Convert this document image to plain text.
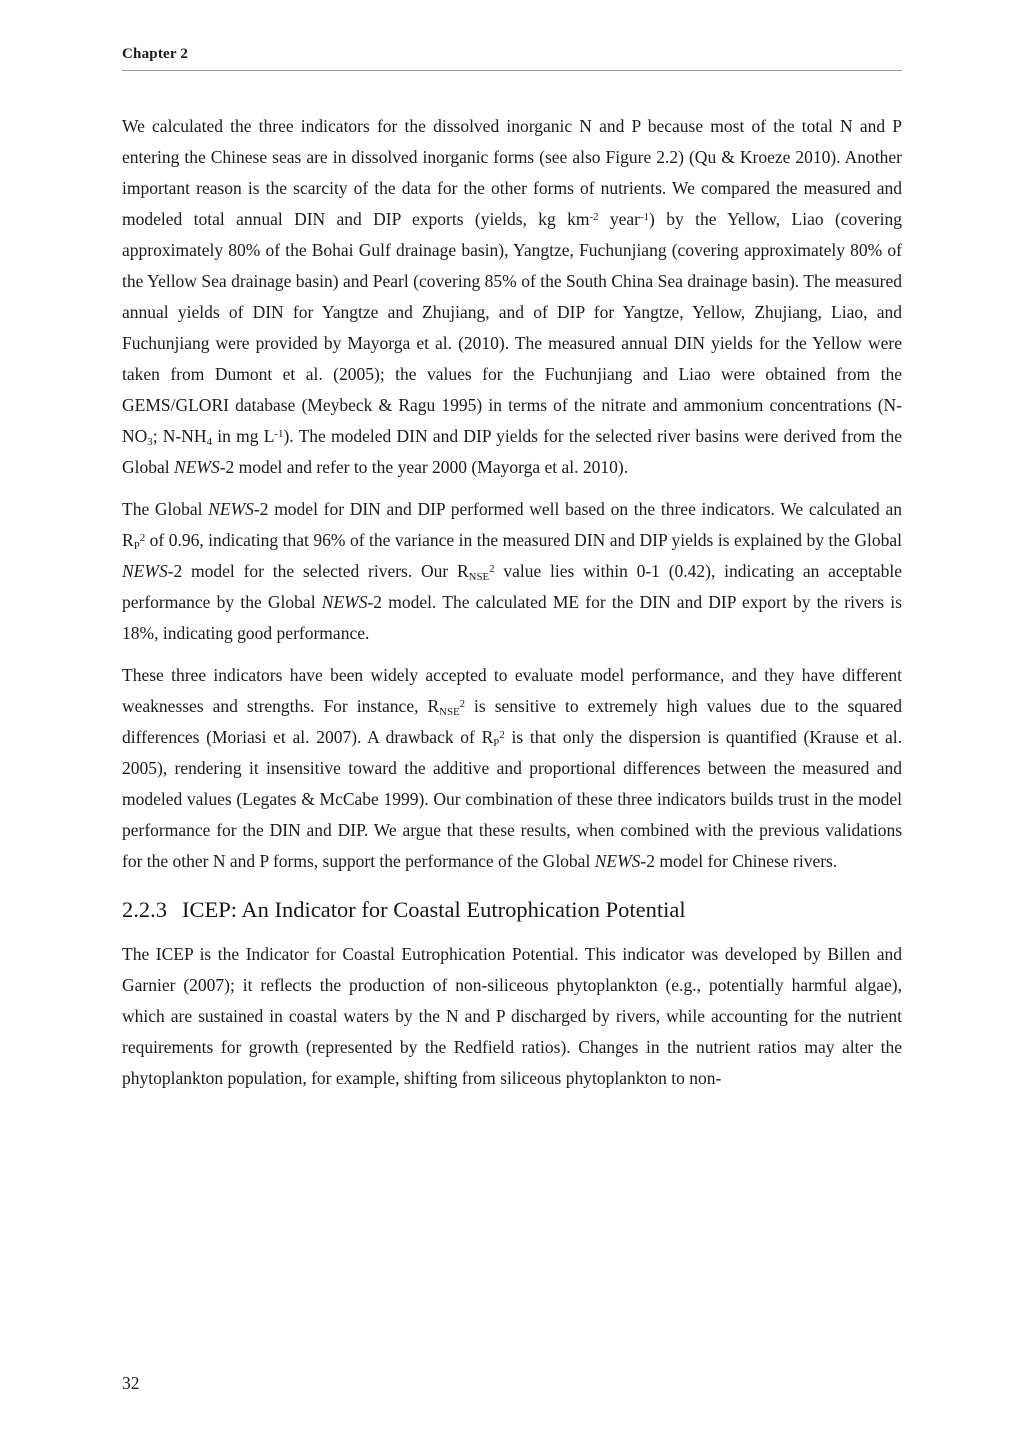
Chapter 2

We calculated the three indicators for the dissolved inorganic N and P because most of the total N and P entering the Chinese seas are in dissolved inorganic forms (see also Figure 2.2) (Qu & Kroeze 2010). Another important reason is the scarcity of the data for the other forms of nutrients. We compared the measured and modeled total annual DIN and DIP exports (yields, kg $km^{-2}$ year$^{-1}$) by the Yellow, Liao (covering approximately 80% of the Bohai Gulf drainage basin), Yangtze, Fuchunjiang (covering approximately 80% of the Yellow Sea drainage basin) and Pearl (covering 85% of the South China Sea drainage basin). The measured annual yields of DIN for Yangtze and Zhujiang, and of DIP for Yangtze, Yellow, Zhujiang, Liao, and Fuchunjiang were provided by Mayorga et al. (2010). The measured annual DIN yields for the Yellow were taken from Dumont et al. (2005); the values for the Fuchunjiang and Liao were obtained from the GEMS/GLORI database (Meybeck & Ragu 1995) in terms of the nitrate and ammonium concentrations (N-NO3; N-NH4 in mg $L^{-1}$). The modeled DIN and DIP yields for the selected river basins were derived from the Global NEWS-2 model and refer to the year 2000 (Mayorga et al. 2010).

The Global NEWS-2 model for DIN and DIP performed well based on the three indicators. We calculated an $RP^2$ of 0.96, indicating that 96% of the variance in the measured DIN and DIP yields is explained by the Global NEWS-2 model for the selected rivers. Our RNSE$^2$ value lies within 0-1 (0.42), indicating an acceptable performance by the Global NEWS-2 model. The calculated ME for the DIN and DIP export by the rivers is 18%, indicating good performance.

These three indicators have been widely accepted to evaluate model performance, and they have different weaknesses and strengths. For instance, RNSE$^2$ is sensitive to extremely high values due to the squared differences (Moriasi et al. 2007). A drawback of $RP^2$ is that only the dispersion is quantified (Krause et al. 2005), rendering it insensitive toward the additive and proportional differences between the measured and modeled values (Legates & McCabe 1999). Our combination of these three indicators builds trust in the model performance for the DIN and DIP. We argue that these results, when combined with the previous validations for the other N and P forms, support the performance of the Global NEWS-2 model for Chinese rivers.

2.2.3 ICEP: An Indicator for Coastal Eutrophication Potential

The ICEP is the Indicator for Coastal Eutrophication Potential. This indicator was developed by Billen and Garnier (2007); it reflects the production of non-siliceous phytoplankton (e.g., potentially harmful algae), which are sustained in coastal waters by the N and P discharged by rivers, while accounting for the nutrient requirements for growth (represented by the Redfield ratios). Changes in the nutrient ratios may alter the phytoplankton population, for example, shifting from siliceous phytoplankton to non-

32
